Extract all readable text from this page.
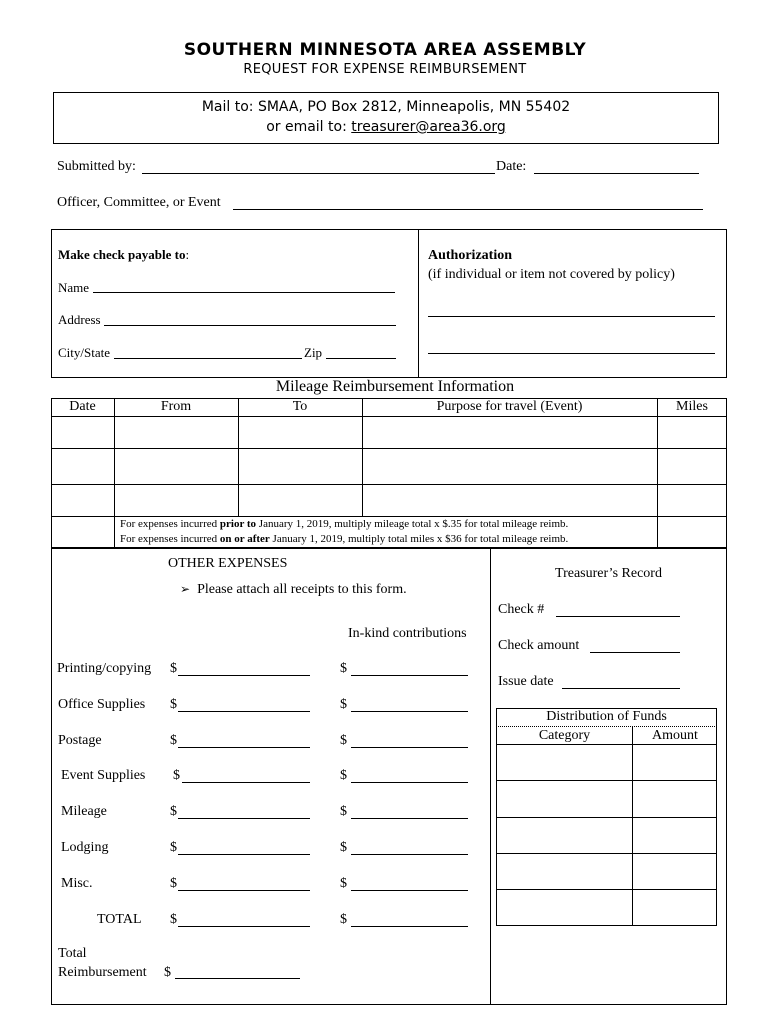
SOUTHERN MINNESOTA AREA ASSEMBLY
REQUEST FOR EXPENSE REIMBURSEMENT
Mail to: SMAA, PO Box 2812, Minneapolis, MN 55402
or email to: treasurer@area36.org
Submitted by:	Date:
Officer, Committee, or Event
Make check payable to:
Name
Address
City/State	Zip
Authorization
(if individual or item not covered by policy)
Mileage Reimbursement Information
Date	From	To	Purpose for travel (Event)	Miles
For expenses incurred prior to January 1, 2019, multiply mileage total x $.35 for total mileage reimb.
For expenses incurred on or after January 1, 2019, multiply total miles x $36 for total mileage reimb.
OTHER EXPENSES
➢ Please attach all receipts to this form.
In-kind contributions
Printing/copying $	$
Office Supplies $	$
Postage	$	$
Event Supplies $	$
Mileage	$	$
Lodging	$	$
Misc.	$	$
TOTAL $	$
Total
Reimbursement $
Treasurer’s Record
Check #
Check amount
Issue date
Distribution of Funds
Category	Amount
